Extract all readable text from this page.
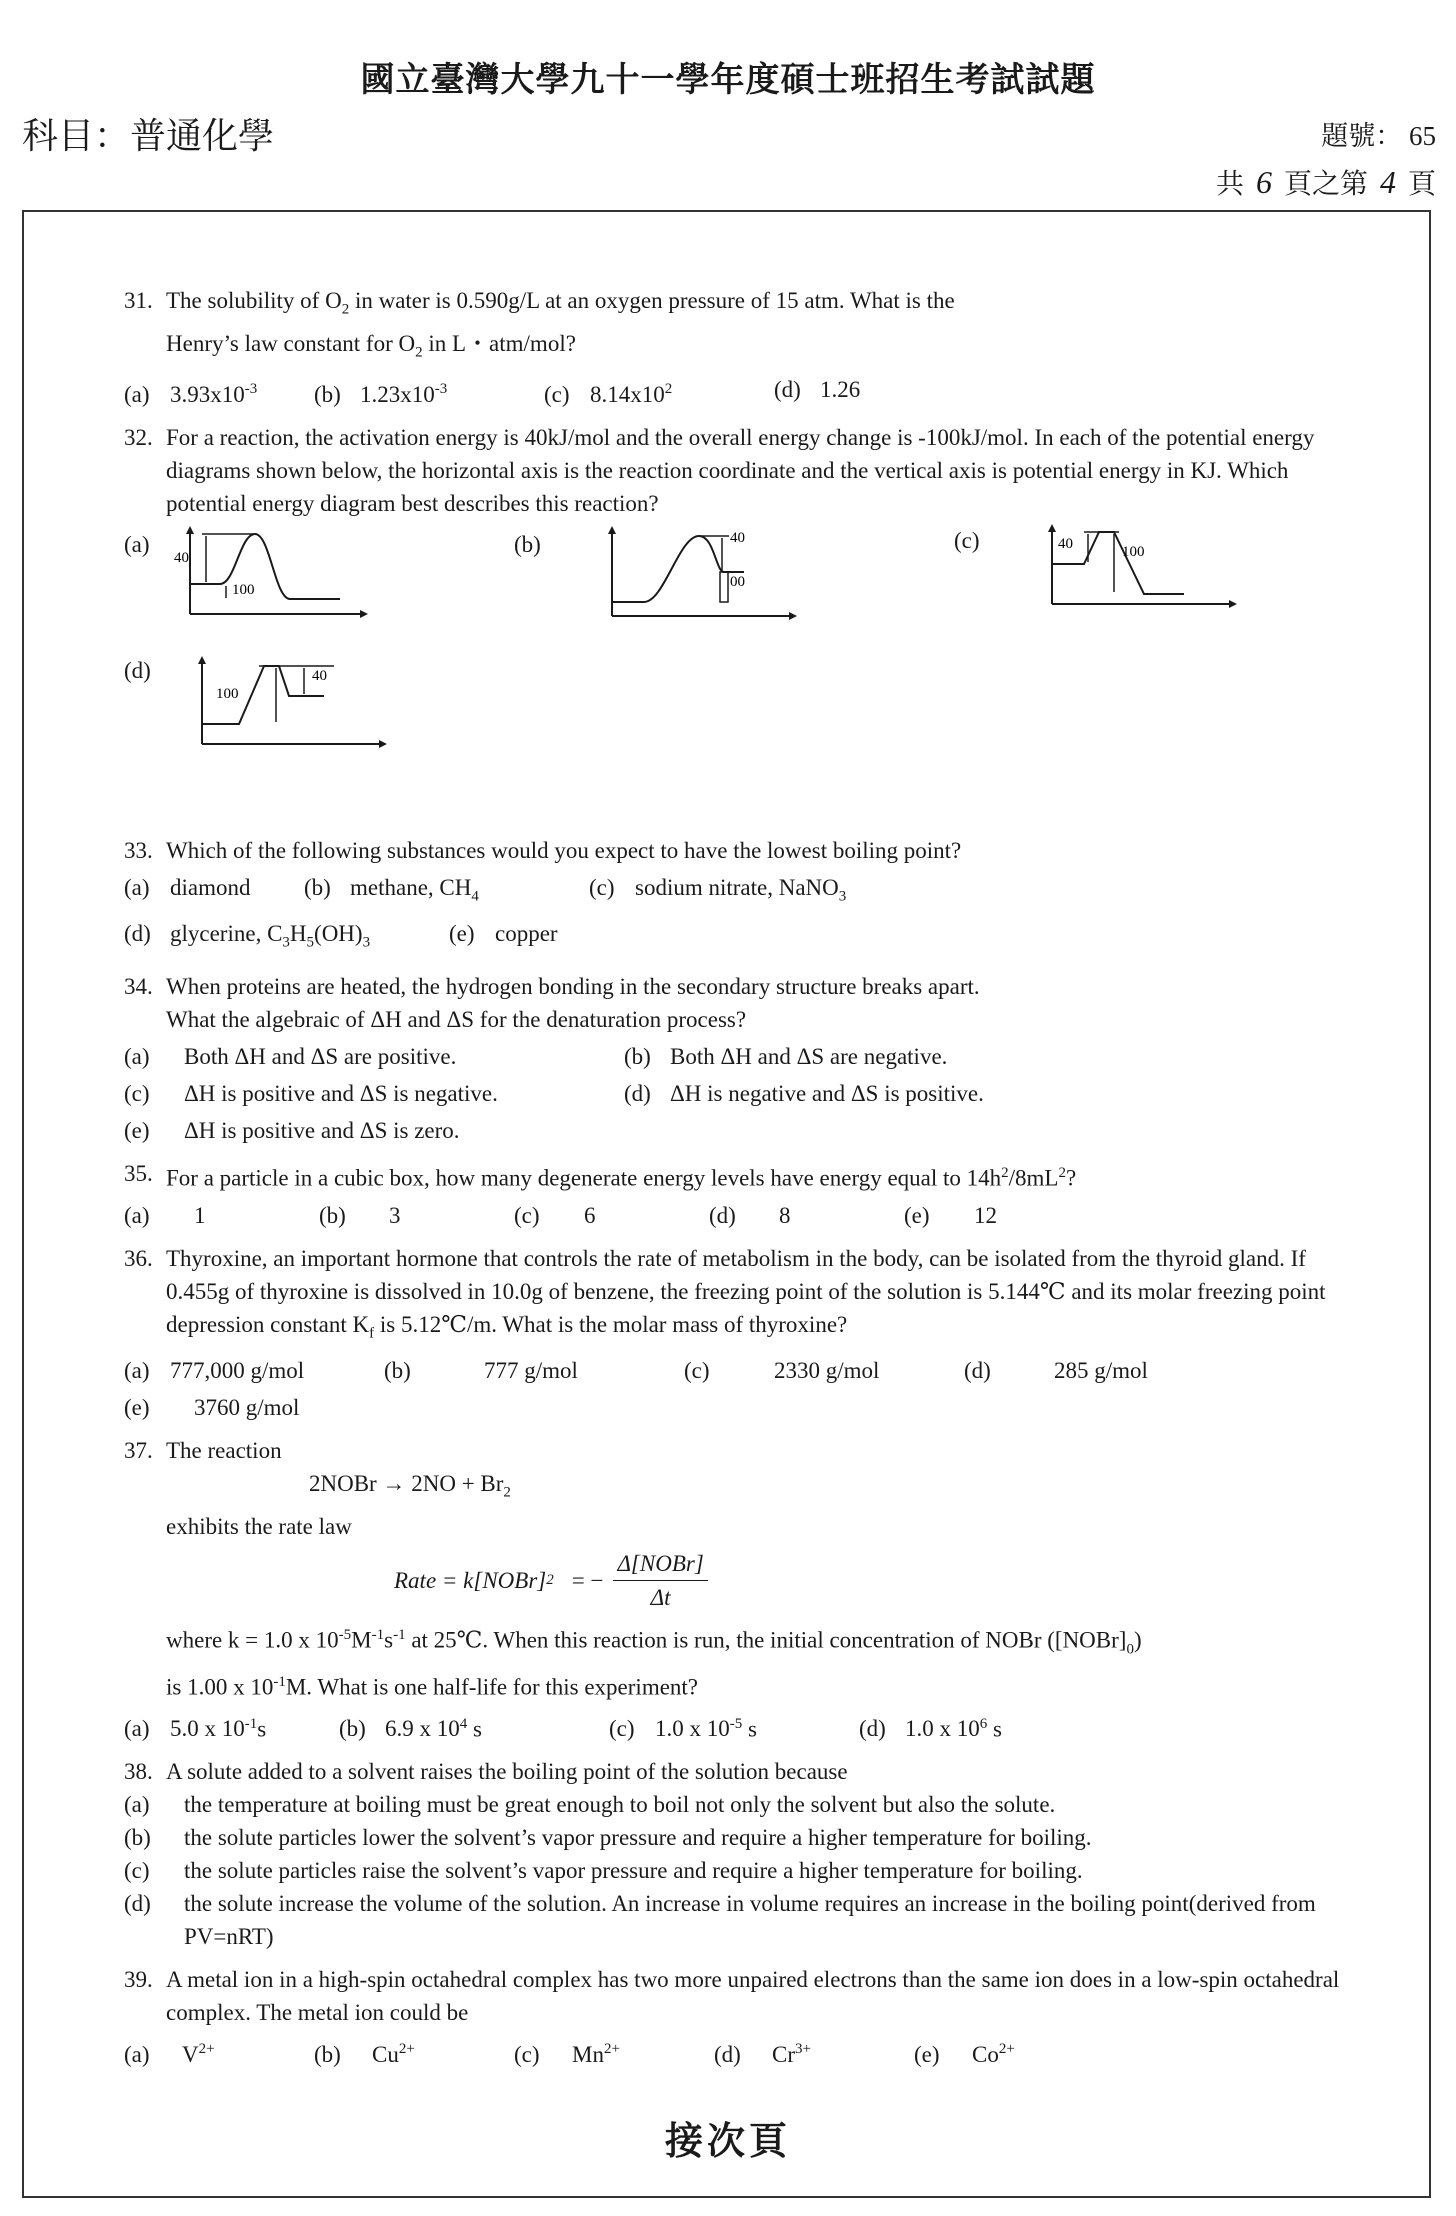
國立臺灣大學九十一學年度碩士班招生考試試題
科目：普通化學	題號： 65
共 6 頁之第 4 頁
31. The solubility of $O_2$ in water is 0.590g/L at an oxygen pressure of 15 atm. What is the
Henry’s law constant for $O_2$ in L・atm/mol?
(a) $3.93x10^{-3}$	(b) $1.23x10^{-3}$	(c) $8.14x10^2$	(d) 1.26
32. For a reaction, the activation energy is 40kJ/mol and the overall energy change is -100kJ/mol. In each of the potential energy diagrams shown below, the horizontal axis is the reaction coordinate and the vertical axis is potential energy in KJ. Which potential energy diagram best describes this reaction?
(a)
40
100
(b)	40
00
(c)	40	100
(d)
100
40
33. Which of the following substances would you expect to have the lowest boiling point?
(a) diamond	(b) methane, $CH_4$	(c) sodium nitrate, NaNO$_3$
(d) glycerine, $C_3H_5(OH)_3$	(e) copper
34. When proteins are heated, the hydrogen bonding in the secondary structure breaks apart.
What the algebraic of ΔH and ΔS for the denaturation process?
(a) Both ΔH and ΔS are positive.	(b) Both ΔH and ΔS are negative.
(c) ΔH is positive and ΔS is negative.	(d) ΔH is negative and ΔS is positive.
(e) ΔH is positive and ΔS is zero.
35. For a particle in a cubic box, how many degenerate energy levels have energy equal to $14h^2/8mL^2$?
(a) 1	(b) 3	(c) 6	(d) 8	(e) 12
36. Thyroxine, an important hormone that controls the rate of metabolism in the body, can be isolated from the thyroid gland. If 0.455g of thyroxine is dissolved in 10.0g of benzene, the freezing point of the solution is 5.144℃ and its molar freezing point depression constant $K_f$ is 5.12℃/m. What is the molar mass of thyroxine?
(a) 777,000 g/mol	(b)	777 g/mol	(c)	2330 g/mol	(d)	285 g/mol
(e) 3760 g/mol
37. The reaction
2NOBr → $2NO + Br_2$
exhibits the rate law
Rate = k[NOBr] 2 = − $\frac{\text{Δ[NOBr]}}{\Delta t}$
where k = 1.0 x $10^{-5}M^{-1}s^{-1}$ at 25℃. When this reaction is run, the initial concentration of NOBr $([NOBr]_0)$
is 1.00 x $10^{-1}M$. What is one half-life for this experiment?
(a) 5.0 x $10^{-1}s$	(b) 6.9 x $10^4$ s	(c) 1.0 x $10^{-5}$ s	(d) 1.0 x $10^6$ s
38. A solute added to a solvent raises the boiling point of the solution because
(a)	the temperature at boiling must be great enough to boil not only the solvent but also the solute.
(b)	the solute particles lower the solvent’s vapor pressure and require a higher temperature for boiling.
(c)	the solute particles raise the solvent’s vapor pressure and require a higher temperature for boiling.
(d)	the solute increase the volume of the solution. An increase in volume requires an increase in the boiling point(derived from PV=nRT)
39. A metal ion in a high-spin octahedral complex has two more unpaired electrons than the same ion does in a low-spin octahedral complex. The metal ion could be
(a) $V^{2+}$	(b) $Cu^{2+}$	(c) $Mn^{2+}$	(d) $Cr^{3+}$	(e) $Co^{2+}$
接次頁
